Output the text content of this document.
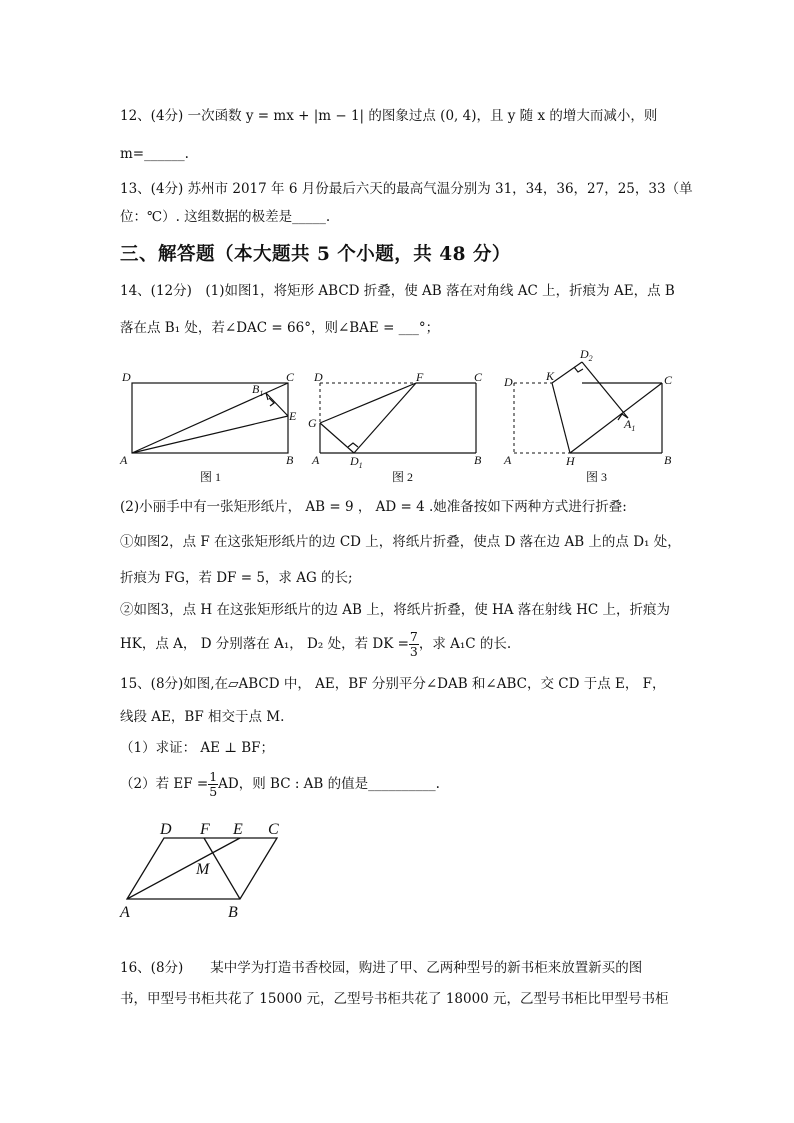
12、(4分) 一次函数 y = mx + |m − 1| 的图象过点 (0, 4)，且 y 随 x 的增大而减小，则
m=______.
13、(4分) 苏州市 2017 年 6 月份最后六天的最高气温分别为 31，34，36，27，25，33（单
位：℃）. 这组数据的极差是_____.
三、解答题（本大题共 5 个小题，共 48 分）
14、(12分)　(1)如图1，将矩形 ABCD 折叠，使 AB 落在对角线 AC 上，折痕为 AE，点 B
落在点 B₁ 处，若∠DAC = 66°，则∠BAE = ___°；
D	C
$B_1$
E
A	B
图 1
D	F	C
G
A	$D_1$	B
图 2
$D_2$
D	K	C
$A_1$
A	H	B
图 3
(2)小丽手中有一张矩形纸片， AB = 9 ， AD = 4 .她准备按如下两种方式进行折叠:
①如图2，点 F 在这张矩形纸片的边 CD 上，将纸片折叠，使点 D 落在边 AB 上的点 D₁ 处，
折痕为 FG，若 DF = 5，求 AG 的长;
②如图3，点 H 在这张矩形纸片的边 AB 上，将纸片折叠，使 HA 落在射线 HC 上，折痕为
HK，点 A， D 分别落在 A₁， D₂ 处，若 DK = $\frac{7}{3}$ ，求 A₁C 的长.
15、(8分)如图,在▱ABCD 中， AE，BF 分别平分∠DAB 和∠ABC，交 CD 于点 E， F，
线段 AE，BF 相交于点 M.
（1）求证： AE ⊥ BF；
（2）若 EF = $\frac{1}{5}$ AD，则 BC : AB 的值是__________.
D F E C
M
A	B
16、(8分)　　某中学为打造书香校园，购进了甲、乙两种型号的新书柜来放置新买的图
书，甲型号书柜共花了 15000 元，乙型号书柜共花了 18000 元，乙型号书柜比甲型号书柜
